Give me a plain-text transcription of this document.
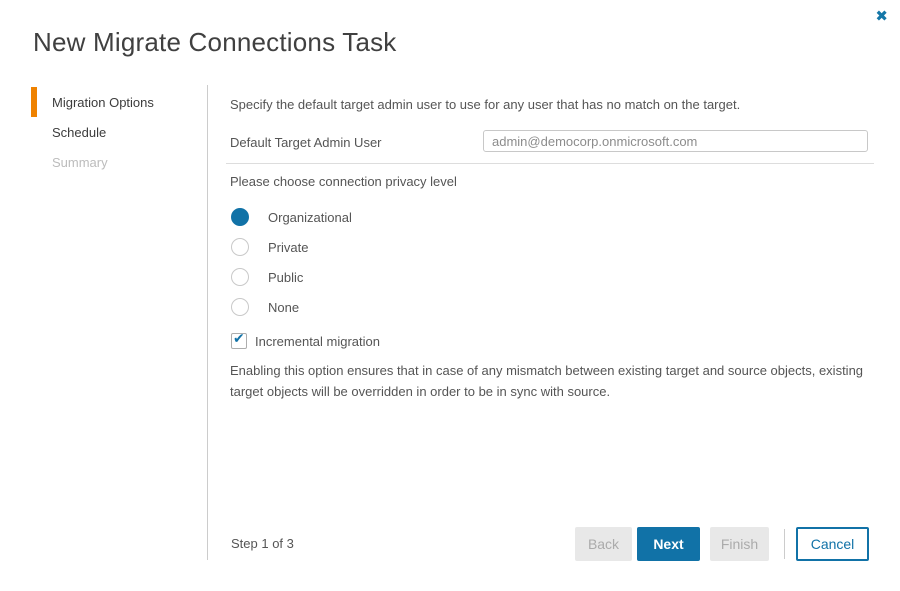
✖
New Migrate Connections Task
Migration Options
Schedule
Summary

Specify the default target admin user to use for any user that has no match on the target.

Default Target Admin User
admin@democorp.onmicrosoft.com

Please choose connection privacy level

Organizational
Private
Public
None
✔ Incremental migration

Enabling this option ensures that in case of any mismatch between existing target and source objects, existing target objects will be overridden in order to be in sync with source.

Step 1 of 3	Back	Next	Finish	Cancel
